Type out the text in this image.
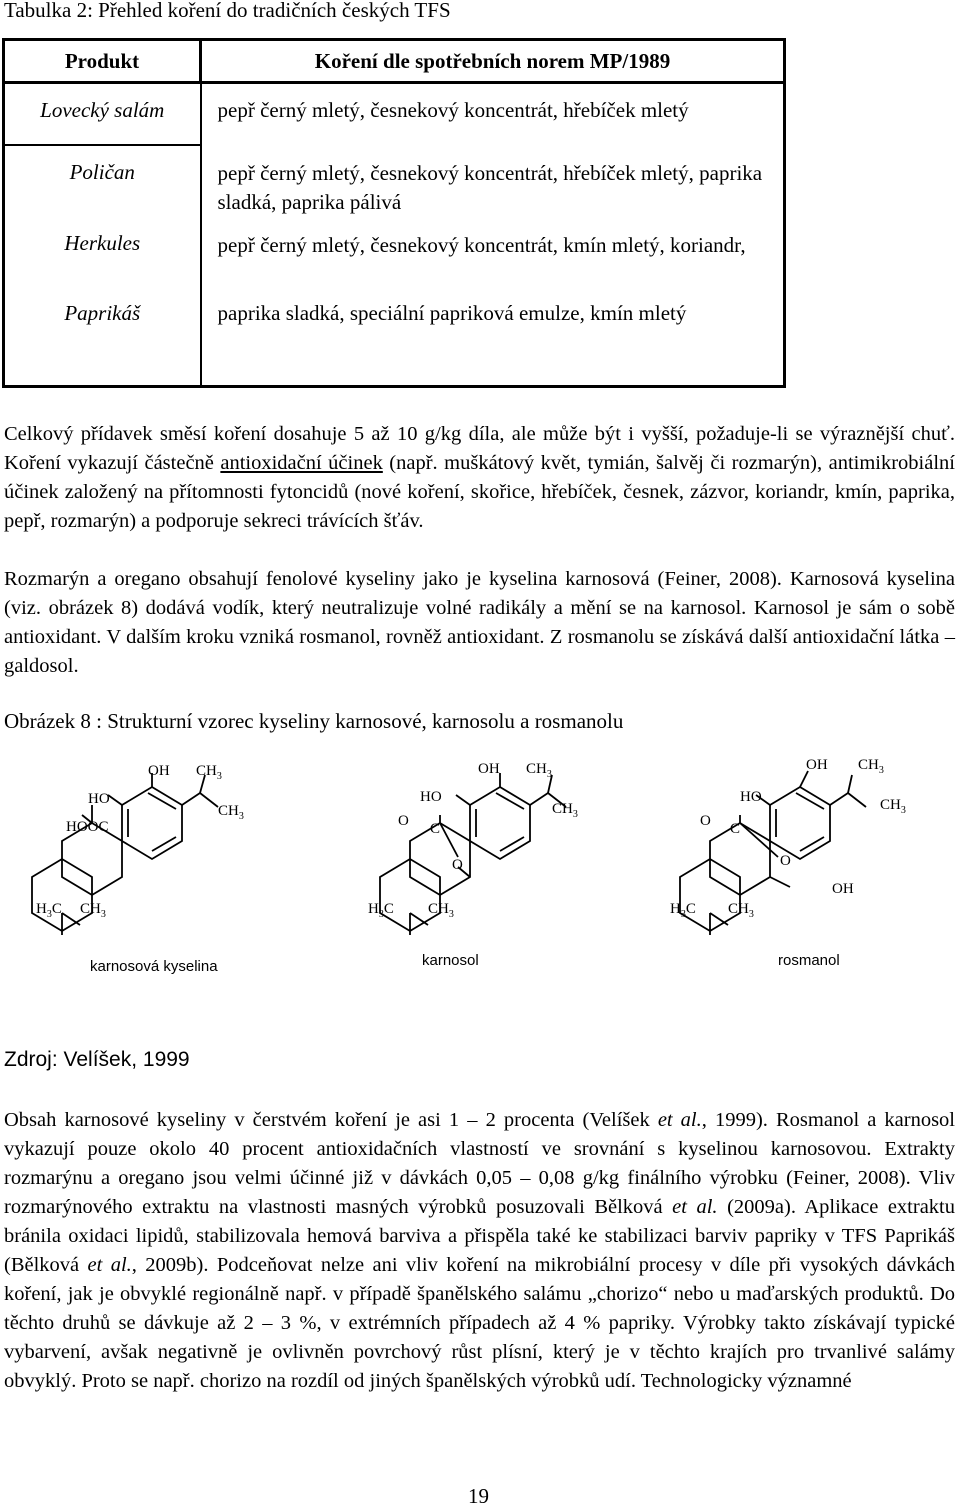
Tabulka 2: Přehled koření do tradičních českých TFS
Produkt	Koření dle spotřebních norem MP/1989
Lovecký salám	pepř černý mletý, česnekový koncentrát, hřebíček mletý
Poličan	pepř černý mletý, česnekový koncentrát, hřebíček mletý, paprika sladká, paprika pálivá
Herkules	pepř černý mletý, česnekový koncentrát, kmín mletý, koriandr,
Paprikáš	paprika sladká, speciální papriková emulze, kmín mletý

Celkový přídavek směsí koření dosahuje 5 až 10 g/kg díla, ale může být i vyšší, požaduje-li se výraznější chuť. Koření vykazují částečně antioxidační účinek (např. muškátový květ, tymián, šalvěj či rozmarýn), antimikrobiální účinek založený na přítomnosti fytoncidů (nové koření, skořice, hřebíček, česnek, zázvor, koriandr, kmín, paprika, pepř, rozmarýn) a podporuje sekreci trávících šťáv.

Rozmarýn a oregano obsahují fenolové kyseliny jako je kyselina karnosová (Feiner, 2008). Karnosová kyselina (viz. obrázek 8) dodává vodík, který neutralizuje volné radikály a mění se na karnosol. Karnosol je sám o sobě antioxidant. V dalším kroku vzniká rosmanol, rovněž antioxidant. Z rosmanolu se získává další antioxidační látka – galdosol.

Obrázek 8 : Strukturní vzorec kyseliny karnosové, karnosolu a rosmanolu
OH $CH_3$
$CH_3$
HO
HOOC
$H_3C$ $CH_3$
OH $CH_3$
$CH_3$
HO
C
O
O
$H_3C$ $CH_3$
OH $CH_3$
$CH_3$
HO
C
O
O
OH
$H_3C$ $CH_3$
karnosová kyselina	karnosol	rosmanol
Zdroj: Velíšek, 1999

Obsah karnosové kyseliny v čerstvém koření je asi 1 – 2 procenta (Velíšek et al., 1999). Rosmanol a karnosol vykazují pouze okolo 40 procent antioxidačních vlastností ve srovnání s kyselinou karnosovou. Extrakty rozmarýnu a oregano jsou velmi účinné již v dávkách 0,05 – 0,08 g/kg finálního výrobku (Feiner, 2008). Vliv rozmarýnového extraktu na vlastnosti masných výrobků posuzovali Bělková et al. (2009a). Aplikace extraktu bránila oxidaci lipidů, stabilizovala hemová barviva a přispěla také ke stabilizaci barviv papriky v TFS Paprikáš (Bělková et al., 2009b). Podceňovat nelze ani vliv koření na mikrobiální procesy v díle při vysokých dávkách koření, jak je obvyklé regionálně např. v případě španělského salámu „chorizo“ nebo u maďarských produktů. Do těchto druhů se dávkuje až 2 – 3 %, v extrémních případech až 4 % papriky. Výrobky takto získávají typické vybarvení, avšak negativně je ovlivněn povrchový růst plísní, který je v těchto krajích pro trvanlivé salámy obvyklý. Proto se např. chorizo na rozdíl od jiných španělských výrobků udí. Technologicky významné

19
